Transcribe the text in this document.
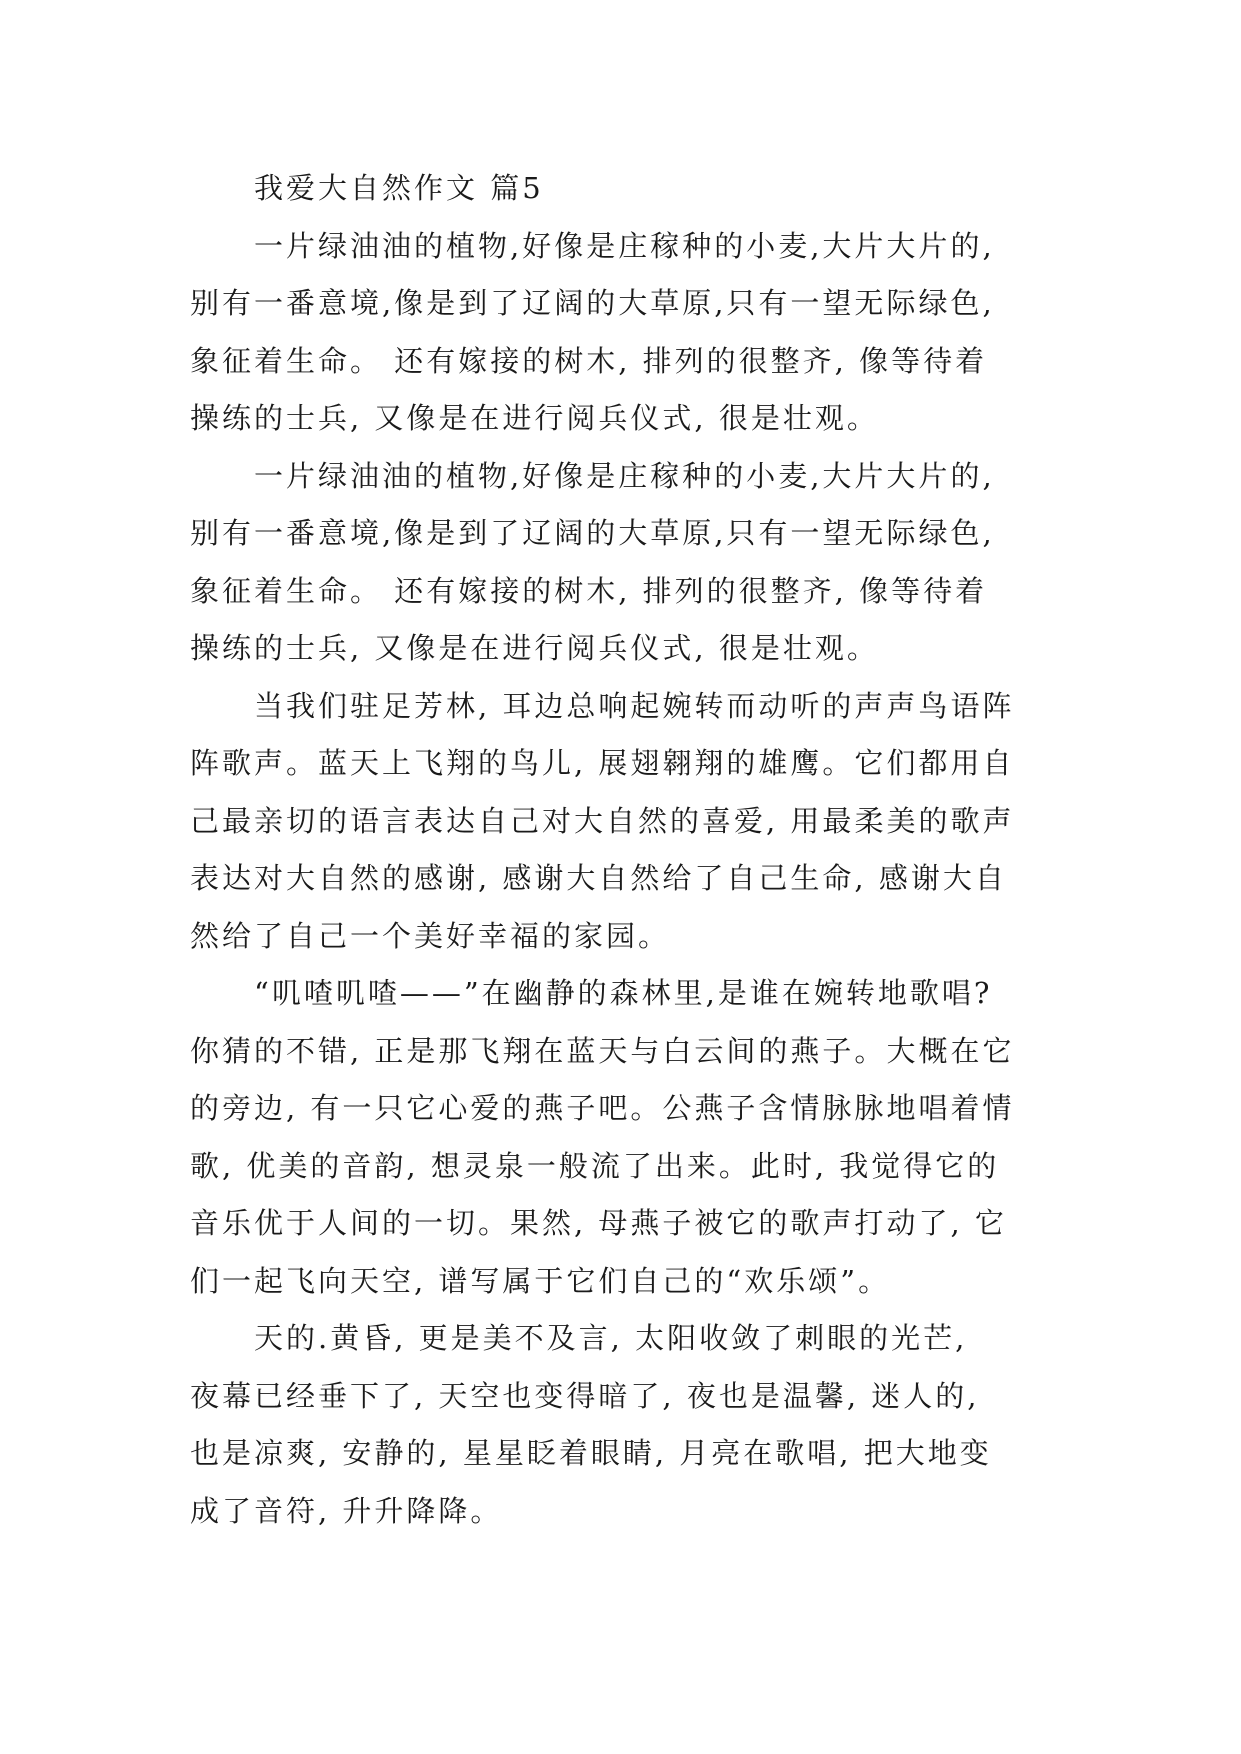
我爱大自然作文 篇5
一片绿油油的植物,好像是庄稼种的小麦,大片大片的,
别有一番意境,像是到了辽阔的大草原,只有一望无际绿色,
象征着生命。 还有嫁接的树木, 排列的很整齐, 像等待着
操练的士兵, 又像是在进行阅兵仪式, 很是壮观。
一片绿油油的植物,好像是庄稼种的小麦,大片大片的,
别有一番意境,像是到了辽阔的大草原,只有一望无际绿色,
象征着生命。 还有嫁接的树木, 排列的很整齐, 像等待着
操练的士兵, 又像是在进行阅兵仪式, 很是壮观。
当我们驻足芳林, 耳边总响起婉转而动听的声声鸟语阵
阵歌声。蓝天上飞翔的鸟儿, 展翅翱翔的雄鹰。它们都用自
己最亲切的语言表达自己对大自然的喜爱, 用最柔美的歌声
表达对大自然的感谢, 感谢大自然给了自己生命, 感谢大自
然给了自己一个美好幸福的家园。
“叽喳叽喳——”在幽静的森林里,是谁在婉转地歌唱?
你猜的不错, 正是那飞翔在蓝天与白云间的燕子。大概在它
的旁边, 有一只它心爱的燕子吧。公燕子含情脉脉地唱着情
歌, 优美的音韵, 想灵泉一般流了出来。此时, 我觉得它的
音乐优于人间的一切。果然, 母燕子被它的歌声打动了, 它
们一起飞向天空, 谱写属于它们自己的“欢乐颂”。
天的.黄昏, 更是美不及言, 太阳收敛了刺眼的光芒,
夜幕已经垂下了, 天空也变得暗了, 夜也是温馨, 迷人的,
也是凉爽, 安静的, 星星眨着眼睛, 月亮在歌唱, 把大地变
成了音符, 升升降降。
